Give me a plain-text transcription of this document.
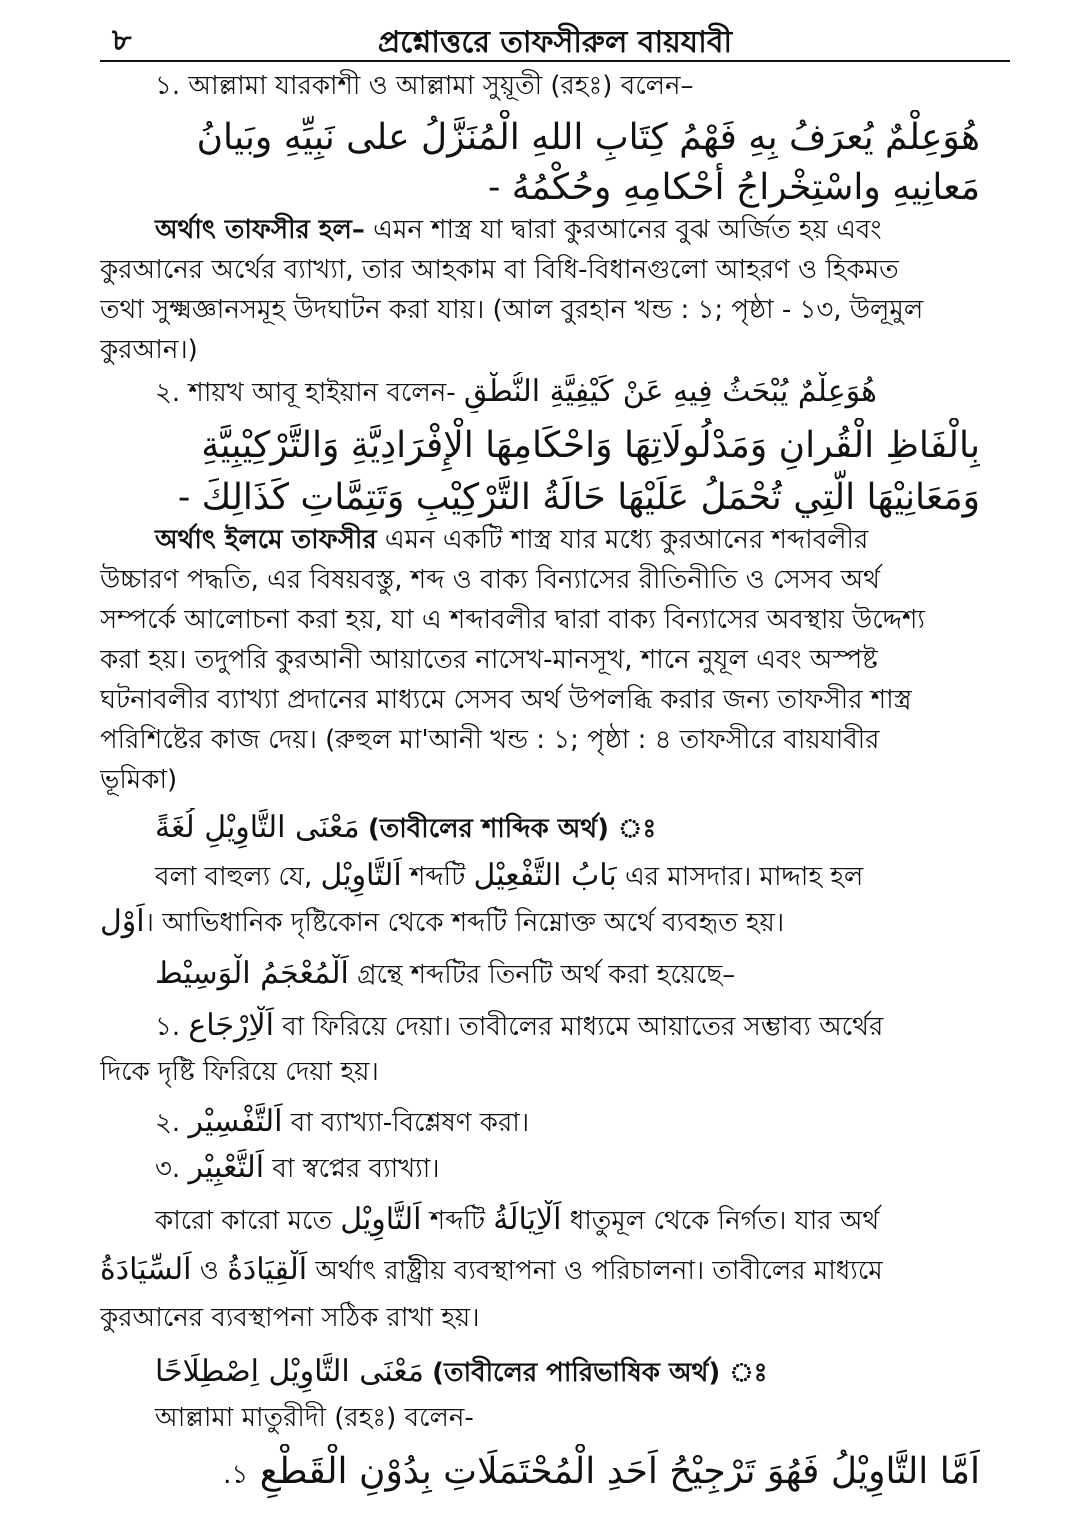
৮	প্রশ্নোত্তরে তাফসীরুল বায়যাবী
১. আল্লামা যারকাশী ও আল্লামা সুয়ূতী (রহঃ) বলেন–
هُوَعِلْمٌ يُعرَفُ بِهِ فَهْمُ كِتَابِ اللهِ الْمُنَزَّلُ على نَبِيِّهِ وبَيانُ
مَعانِيهِ واسْتِخْراجُ أحْكامِهِ وحُكْمُهُ -
অর্থাৎ তাফসীর হল– এমন শাস্ত্র যা দ্বারা কুরআনের বুঝ অর্জিত হয় এবং
কুরআনের অর্থের ব্যাখ্যা, তার আহকাম বা বিধি-বিধানগুলো আহরণ ও হিকমত
তথা সুক্ষ্মজ্ঞানসমূহ উদঘাটন করা যায়। (আল বুরহান খন্ড : ১; পৃষ্ঠা - ১৩, উলূমুল
কুরআন।)
২. শায়খ আবূ হাইয়ান বলেন- هُوَعِلْمٌ يُبْحَثُ فِيهِ عَنْ كَيْفِيَّةِ النُّطْقِ
بِالْفَاظِ الْقُرانِ وَمَدْلُولَاتِهَا وَاحْكَامِهَا الْإِفْرَادِيَّةِ وَالتَّرْكِيْبِيَّةِ
وَمَعَانِيْهَا الَّتِي تُحْمَلُ عَلَيْهَا حَالَةُ التَّرْكِيْبِ وَتَتِمَّاتِ كَذَالِكَ -
অর্থাৎ ইলমে তাফসীর এমন একটি শাস্ত্র যার মধ্যে কুরআনের শব্দাবলীর
উচ্চারণ পদ্ধতি, এর বিষয়বস্তু, শব্দ ও বাক্য বিন্যাসের রীতিনীতি ও সেসব অর্থ
সম্পর্কে আলোচনা করা হয়, যা এ শব্দাবলীর দ্বারা বাক্য বিন্যাসের অবস্থায় উদ্দেশ্য
করা হয়। তদুপরি কুরআনী আয়াতের নাসেখ-মানসূখ, শানে নুযূল এবং অস্পষ্ট
ঘটনাবলীর ব্যাখ্যা প্রদানের মাধ্যমে সেসব অর্থ উপলব্ধি করার জন্য তাফসীর শাস্ত্র
পরিশিষ্টের কাজ দেয়। (রুহুল মা'আনী খন্ড : ১; পৃষ্ঠা : ৪ তাফসীরে বায়যাবীর
ভূমিকা)
مَعْنَى التَّاوِيْلِ لُغَةً (তাবীলের শাব্দিক অর্থ) ঃ
বলা বাহুল্য যে, اَلتَّاوِيْل শব্দটি بَابُ التَّفْعِيْل এর মাসদার। মাদ্দাহ হল
اَوْل। আভিধানিক দৃষ্টিকোন থেকে শব্দটি নিম্নোক্ত অর্থে ব্যবহৃত হয়।
اَلْمُعْجَمُ الْوَسِيْط গ্রন্থে শব্দটির তিনটি অর্থ করা হয়েছে–
১. اَلْاِرْجَاع বা ফিরিয়ে দেয়া। তাবীলের মাধ্যমে আয়াতের সম্ভাব্য অর্থের
দিকে দৃষ্টি ফিরিয়ে দেয়া হয়।
২. اَلتَّفْسِيْر বা ব্যাখ্যা-বিশ্লেষণ করা।
৩. اَلتَّعْبِيْر বা স্বপ্নের ব্যাখ্যা।
কারো কারো মতে اَلتَّاوِيْل শব্দটি اَلْاِيَالَةُ ধাতুমূল থেকে নির্গত। যার অর্থ
اَلسِّيَادَةُ ও اَلْقِيَادَةُ অর্থাৎ রাষ্ট্রীয় ব্যবস্থাপনা ও পরিচালনা। তাবীলের মাধ্যমে
কুরআনের ব্যবস্থাপনা সঠিক রাখা হয়।
مَعْنَى التَّاوِيْل اِصْطِلَاحًا (তাবীলের পারিভাষিক অর্থ) ঃ
আল্লামা মাতুরীদী (রহঃ) বলেন-
اَمَّا التَّاوِيْلُ فَهُوَ تَرْجِيْحُ اَحَدِ الْمُحْتَمَلَاتِ بِدُوْنِ الْقَطْعِ ১.
